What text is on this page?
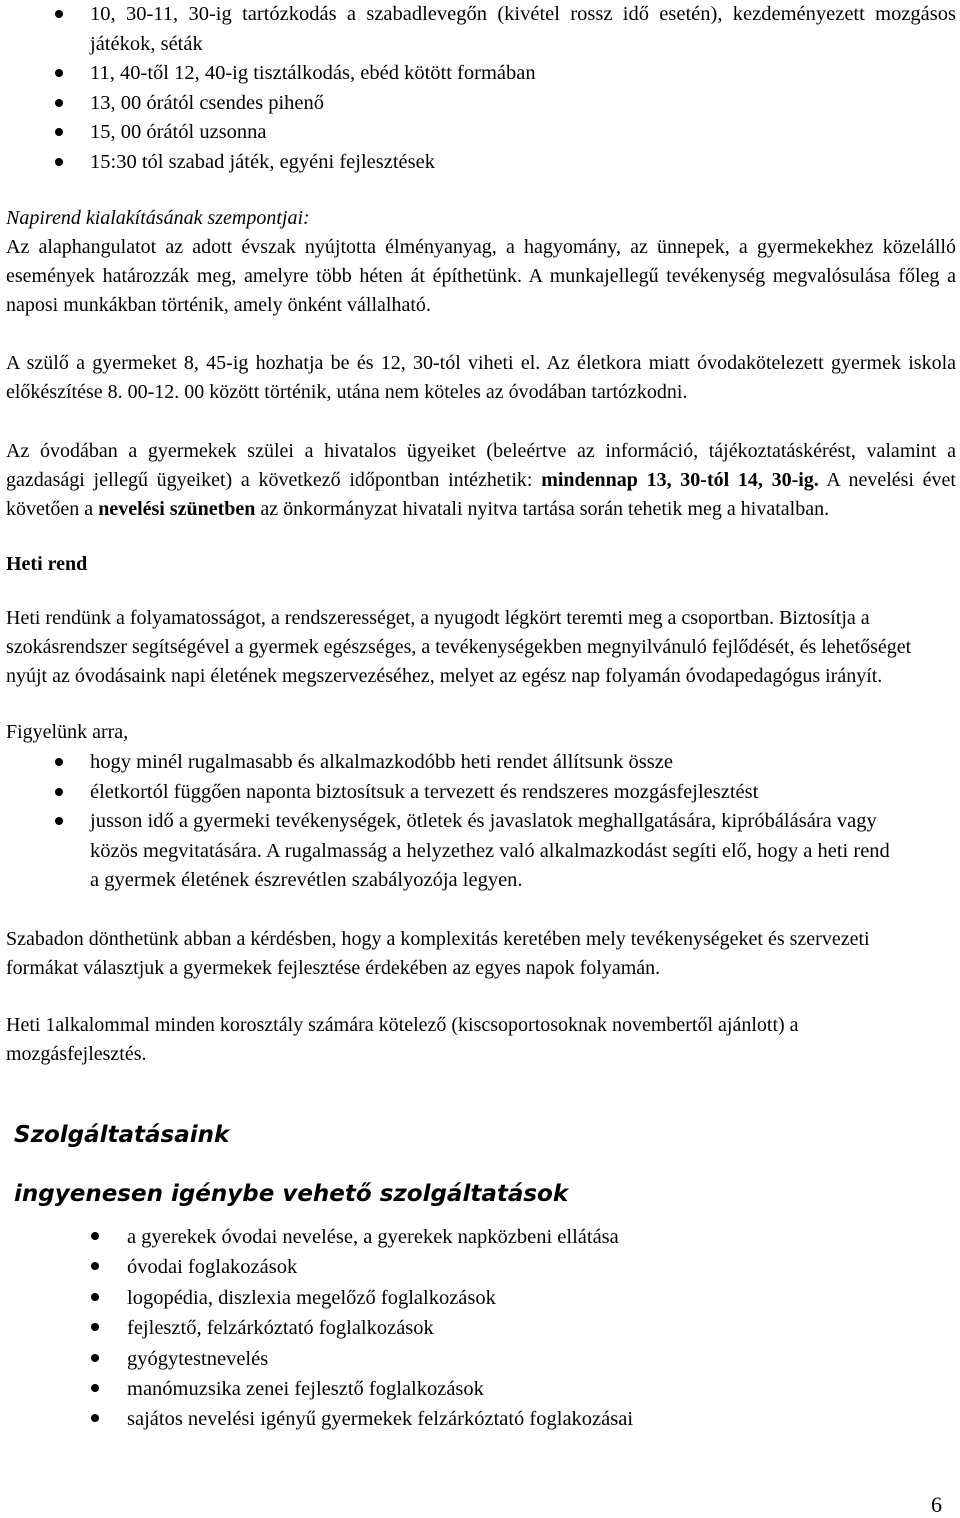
10, 30-11, 30-ig tartózkodás a szabadlevegőn (kivétel rossz idő esetén), kezdeményezett mozgásos játékok, séták
11, 40-től 12, 40-ig tisztálkodás, ebéd kötött formában
13, 00 órától csendes pihenő
15, 00 órától uzsonna
15:30 tól szabad játék, egyéni fejlesztések
Napirend kialakításának szempontjai:
Az alaphangulatot az adott évszak nyújtotta élményanyag, a hagyomány, az ünnepek, a gyermekekhez közelálló események határozzák meg, amelyre több héten át építhetünk. A munkajellegű tevékenység megvalósulása főleg a naposi munkákban történik, amely önként vállalható.
A szülő a gyermeket 8, 45-ig hozhatja be és 12, 30-tól viheti el. Az életkora miatt óvodakötelezett gyermek iskola előkészítése 8. 00-12. 00 között történik, utána nem köteles az óvodában tartózkodni.
Az óvodában a gyermekek szülei a hivatalos ügyeiket (beleértve az információ, tájékoztatáskérést, valamint a gazdasági jellegű ügyeiket) a következő időpontban intézhetik: mindennap 13, 30-tól 14, 30-ig. A nevelési évet követően a nevelési szünetben az önkormányzat hivatali nyitva tartása során tehetik meg a hivatalban.
Heti rend
Heti rendünk a folyamatosságot, a rendszerességet, a nyugodt légkört teremti meg a csoportban. Biztosítja a szokásrendszer segítségével a gyermek egészséges, a tevékenységekben megnyilvánuló fejlődését, és lehetőséget nyújt az óvodásaink napi életének megszervezéséhez, melyet az egész nap folyamán óvodapedagógus irányít.
Figyelünk arra,
hogy minél rugalmasabb és alkalmazkodóbb heti rendet állítsunk össze
életkortól függően naponta biztosítsuk a tervezett és rendszeres mozgásfejlesztést
jusson idő a gyermeki tevékenységek, ötletek és javaslatok meghallgatására, kipróbálására vagy közös megvitatására. A rugalmasság a helyzethez való alkalmazkodást segíti elő, hogy a heti rend a gyermek életének észrevétlen szabályozója legyen.
Szabadon dönthetünk abban a kérdésben, hogy a komplexitás keretében mely tevékenységeket és szervezeti formákat választjuk a gyermekek fejlesztése érdekében az egyes napok folyamán.
Heti 1alkalommal minden korosztály számára kötelező (kiscsoportosoknak novembertől ajánlott) a mozgásfejlesztés.
Szolgáltatásaink
ingyenesen igénybe vehető szolgáltatások
a gyerekek óvodai nevelése, a gyerekek napközbeni ellátása
óvodai foglakozások
logopédia, diszlexia megelőző foglalkozások
fejlesztő, felzárkóztató foglalkozások
gyógytestnevelés
manómuzsika zenei fejlesztő foglalkozások
sajátos nevelési igényű gyermekek felzárkóztató foglakozásai
6
